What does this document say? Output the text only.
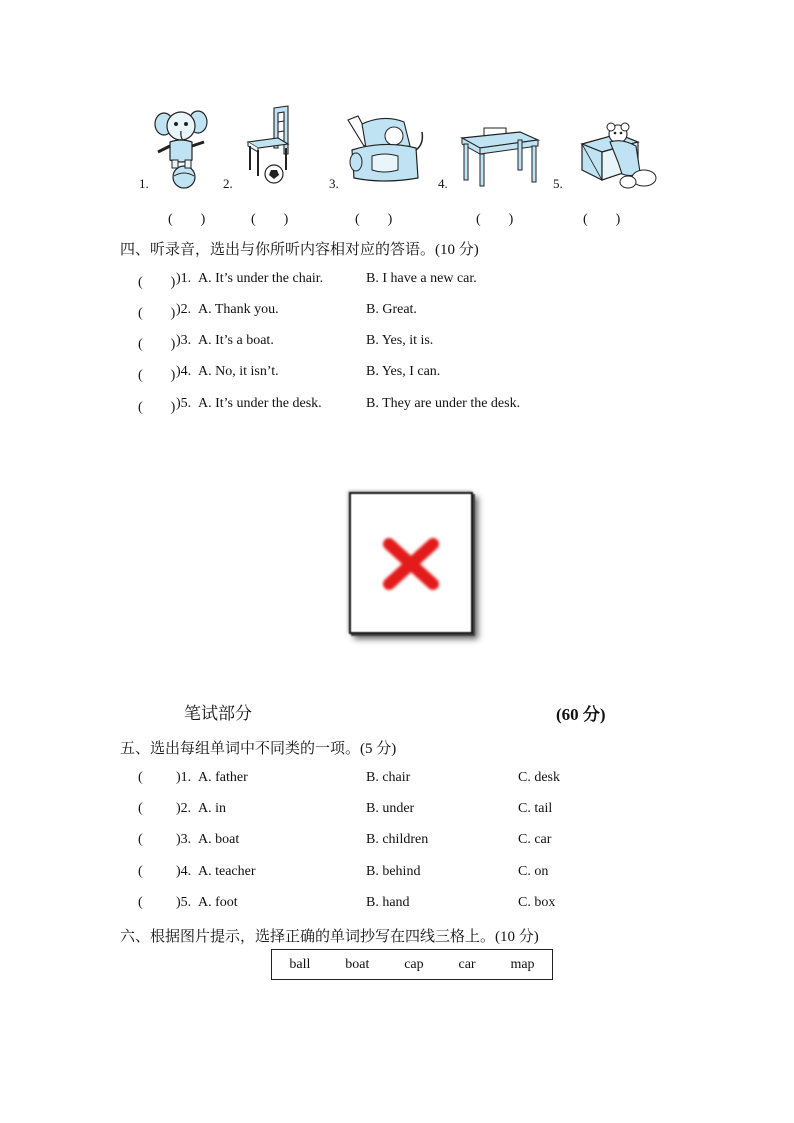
1.
(　　)
2.
(　　)
3.
(　　)
4.
(　　)
5.
(　　)
四、听录音，选出与你所听内容相对应的答语。(10 分)
(　　) )1. A. It’s under the chair.	B. I have a new car.
(　　) )2. A. Thank you.	B. Great.
(　　) )3. A. It’s a boat.	B. Yes, it is.
(　　) )4. A. No, it isn’t.	B. Yes, I can.
(　　) )5. A. It’s under the desk.	B. They are under the desk.
笔试部分	(60 分)
五、选出每组单词中不同类的一项。(5 分)
( )1. A. father	B. chair	C. desk
( )2. A. in	B. under	C. tail
( )3. A. boat	B. children	C. car
( )4. A. teacher	B. behind	C. on
( )5. A. foot	B. hand	C. box
六、根据图片提示，选择正确的单词抄写在四线三格上。(10 分)
ball boat cap car map
